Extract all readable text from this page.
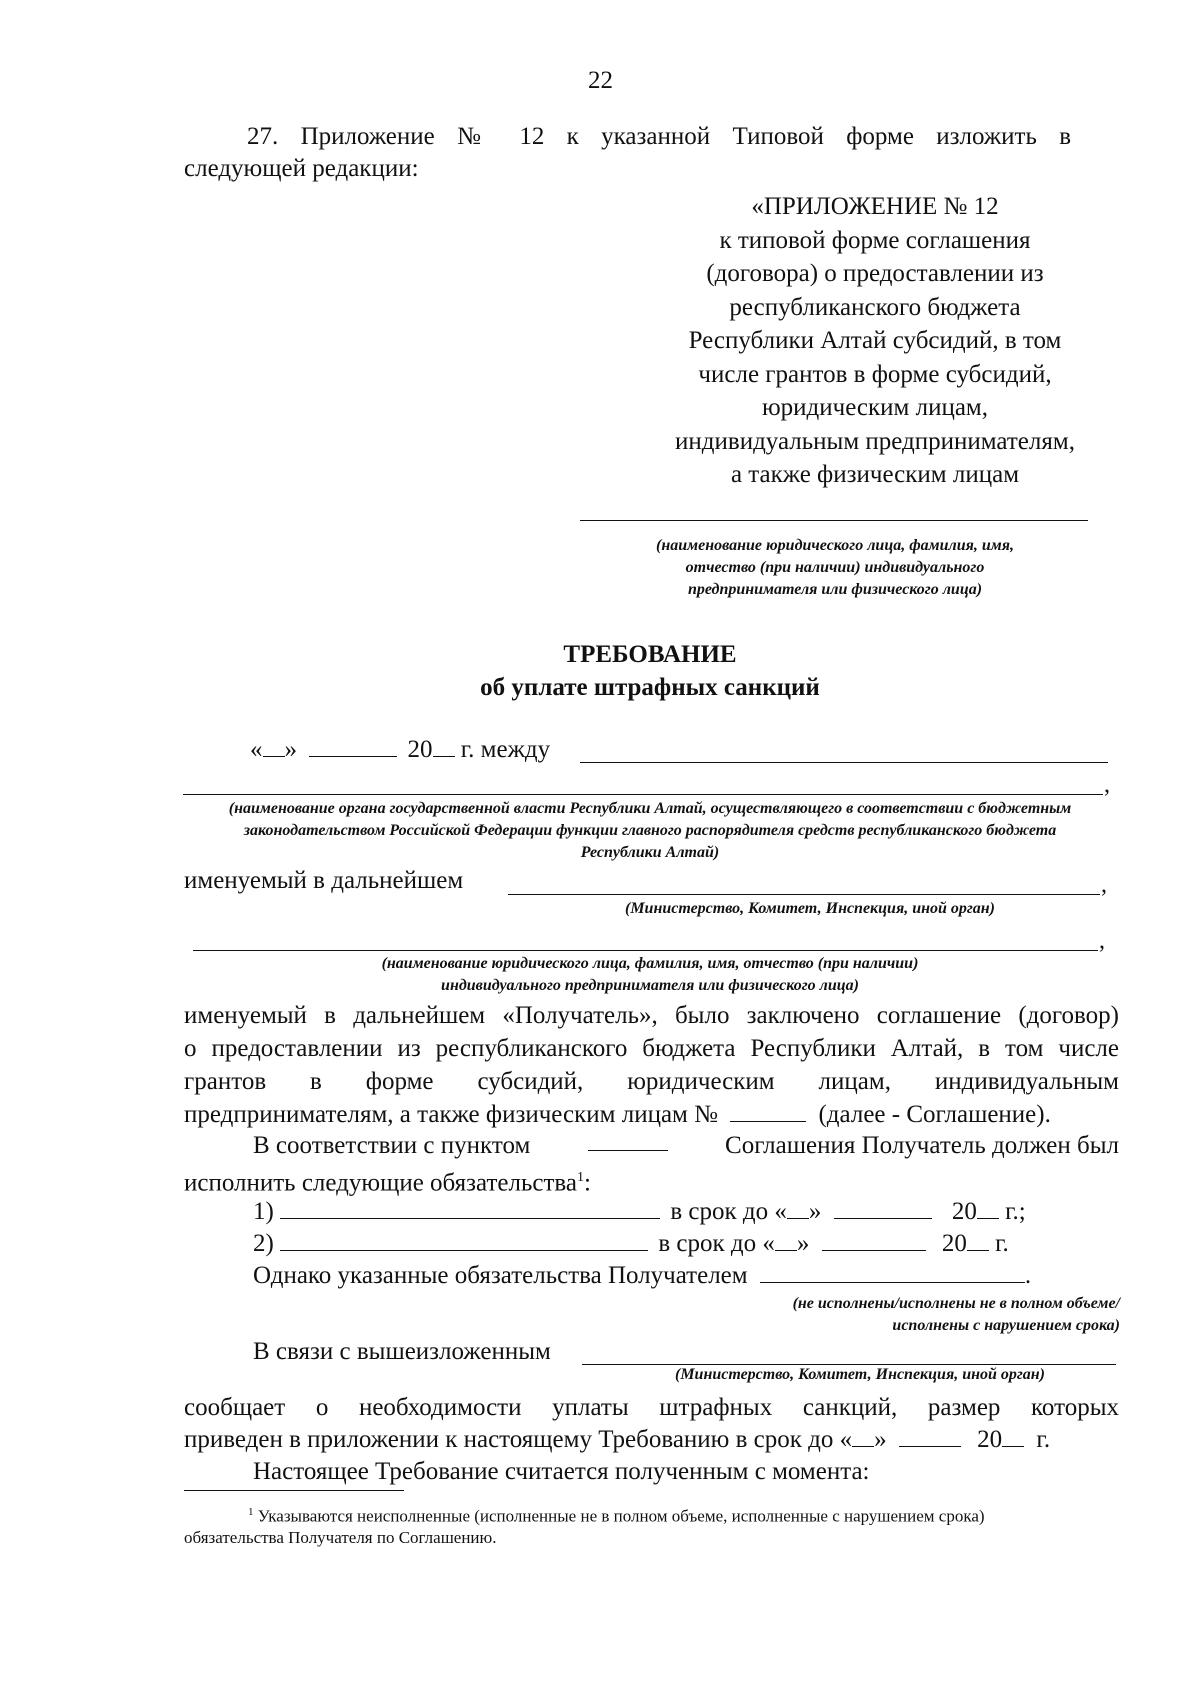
22
27. Приложение № 12 к указанной Типовой форме изложить в
следующей редакции:
«ПРИЛОЖЕНИЕ № 12
к типовой форме соглашения
(договора) о предоставлении из
республиканского бюджета
Республики Алтай субсидий, в том
числе грантов в форме субсидий,
юридическим лицам,
индивидуальным предпринимателям,
а также физическим лицам
(наименование юридического лица, фамилия, имя, отчество (при наличии) индивидуального предпринимателя или физического лица)
ТРЕБОВАНИЕ
об уплате штрафных санкций
« »	20 г. между
,
(наименование органа государственной власти Республики Алтай, осуществляющего в соответствии с бюджетным законодательством Российской Федерации функции главного распорядителя средств республиканского бюджета Республики Алтай)
именуемый в дальнейшем	,
(Министерство, Комитет, Инспекция, иной орган)
,
(наименование юридического лица, фамилия, имя, отчество (при наличии) индивидуального предпринимателя или физического лица)
именуемый в дальнейшем «Получатель», было заключено соглашение (договор)
о предоставлении из республиканского бюджета Республики Алтай, в том числе
грантов в форме субсидий, юридическим лицам, индивидуальным
предпринимателям, а также физическим лицам №	(далее - Соглашение).
В соответствии с пунктом	Соглашения Получатель должен был
исполнить следующие обязательства$^1$:
1)	в срок до « »	20 г.;
2)	в срок до « »	20 г.
Однако указанные обязательства Получателем	.
(не исполнены/исполнены не в полном объеме/исполнены с нарушением срока)
В связи с вышеизложенным
(Министерство, Комитет, Инспекция, иной орган)
сообщает о необходимости уплаты штрафных санкций, размер которых
приведен в приложении к настоящему Требованию в срок до « »	20 г.
Настоящее Требование считается полученным с момента:
$^1$ Указываются неисполненные (исполненные не в полном объеме, исполненные с нарушением срока)
обязательства Получателя по Соглашению.
